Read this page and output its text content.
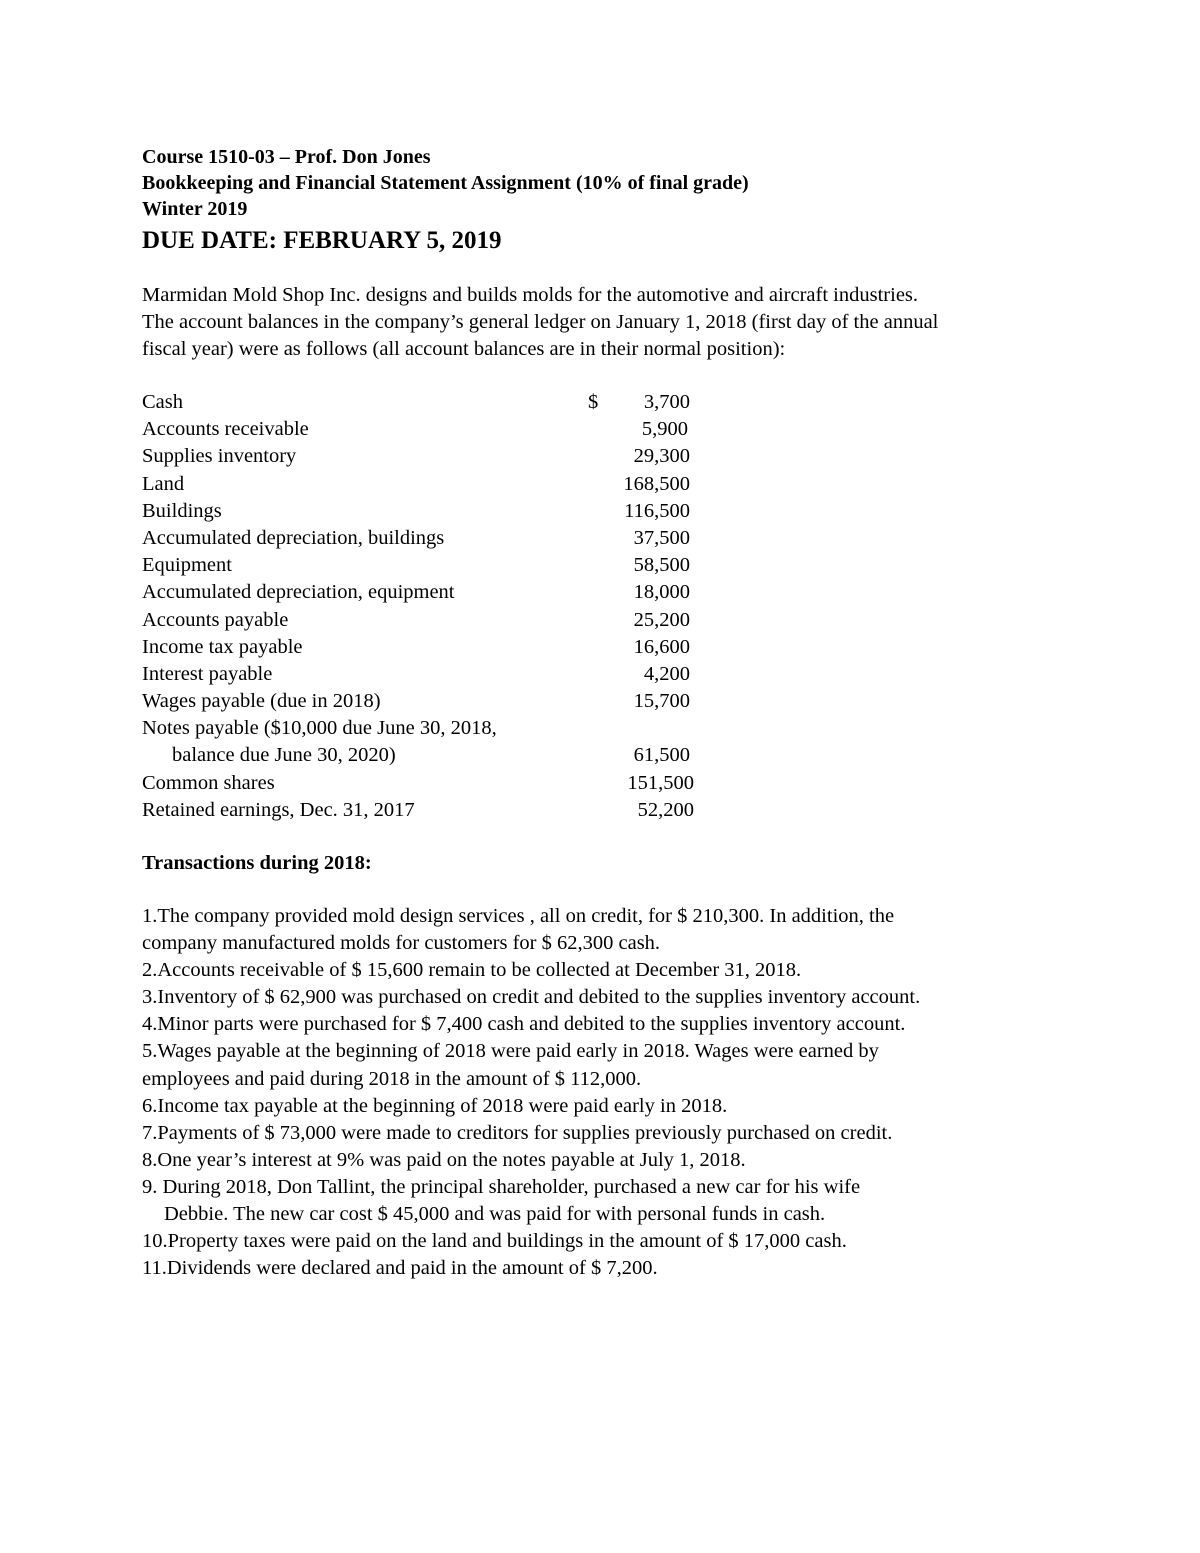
Course 1510-03 – Prof. Don Jones
Bookkeeping and Financial Statement Assignment (10% of final grade)
Winter 2019
DUE DATE: FEBRUARY 5, 2019
Marmidan Mold Shop Inc. designs and builds molds for the automotive and aircraft industries.
The account balances in the company’s general ledger on January 1, 2018 (first day of the annual
fiscal year) were as follows (all account balances are in their normal position):
Cash	$ 3,700
Accounts receivable	5,900
Supplies inventory	29,300
Land	168,500
Buildings	116,500
Accumulated depreciation, buildings	37,500
Equipment	58,500
Accumulated depreciation, equipment	18,000
Accounts payable	25,200
Income tax payable	16,600
Interest payable	4,200
Wages payable (due in 2018)	15,700
Notes payable ($10,000 due June 30, 2018,
balance due June 30, 2020)	61,500
Common shares	151,500
Retained earnings, Dec. 31, 2017	52,200
Transactions during 2018:
1.The company provided mold design services , all on credit, for $ 210,300. In addition, the
company manufactured molds for customers for $ 62,300 cash.
2.Accounts receivable of $ 15,600 remain to be collected at December 31, 2018.
3.Inventory of $ 62,900 was purchased on credit and debited to the supplies inventory account.
4.Minor parts were purchased for $ 7,400 cash and debited to the supplies inventory account.
5.Wages payable at the beginning of 2018 were paid early in 2018. Wages were earned by
employees and paid during 2018 in the amount of $ 112,000.
6.Income tax payable at the beginning of 2018 were paid early in 2018.
7.Payments of $ 73,000 were made to creditors for supplies previously purchased on credit.
8.One year’s interest at 9% was paid on the notes payable at July 1, 2018.
9. During 2018, Don Tallint, the principal shareholder, purchased a new car for his wife
Debbie. The new car cost $ 45,000 and was paid for with personal funds in cash.
10.Property taxes were paid on the land and buildings in the amount of $ 17,000 cash.
11.Dividends were declared and paid in the amount of $ 7,200.
